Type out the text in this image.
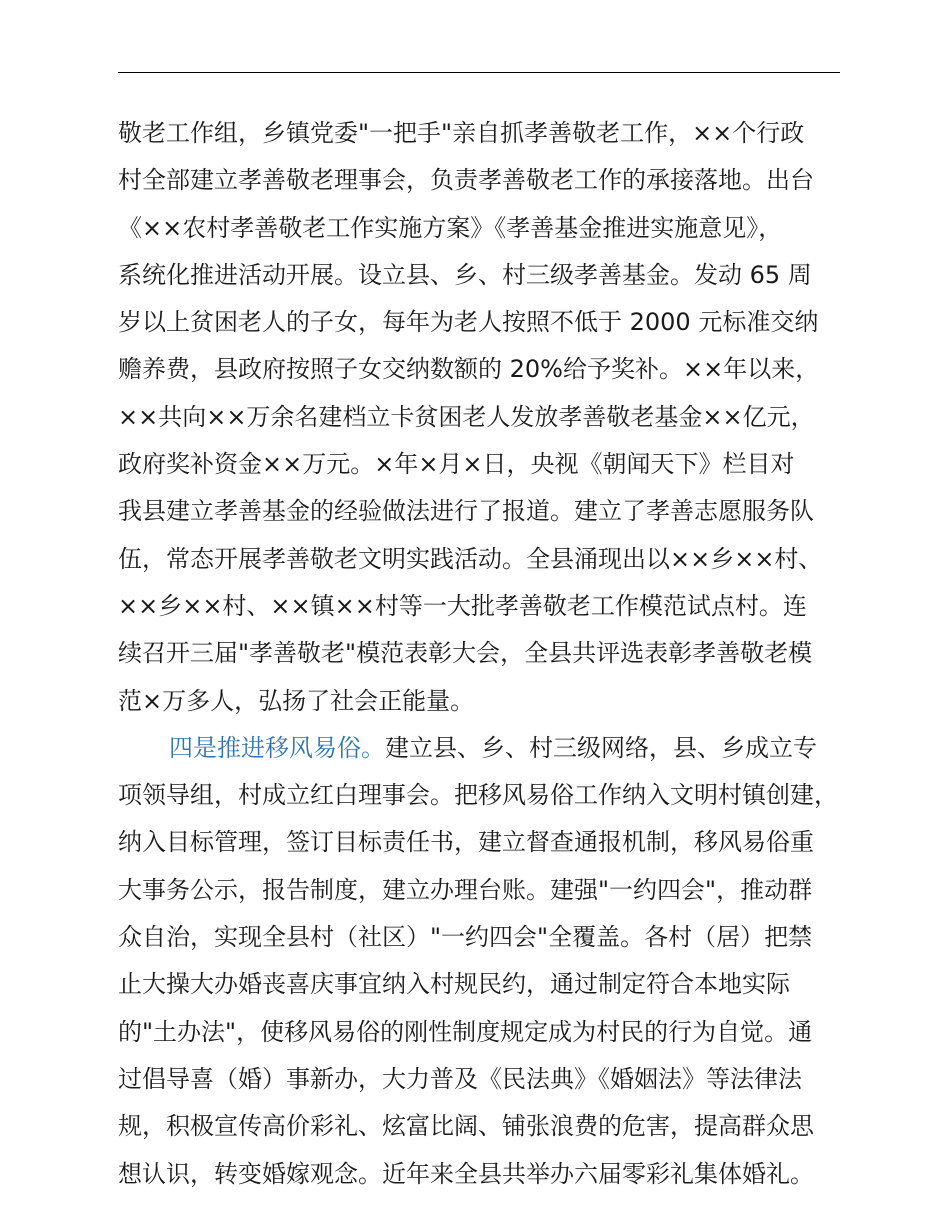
敬老工作组，乡镇党委"一把手"亲自抓孝善敬老工作，××个行政
村全部建立孝善敬老理事会，负责孝善敬老工作的承接落地。出台
《××农村孝善敬老工作实施方案》《孝善基金推进实施意见》，
系统化推进活动开展。设立县、乡、村三级孝善基金。发动 65 周
岁以上贫困老人的子女，每年为老人按照不低于 2000 元标准交纳
赡养费，县政府按照子女交纳数额的 20%给予奖补。××年以来，
××共向××万余名建档立卡贫困老人发放孝善敬老基金××亿元，
政府奖补资金××万元。×年×月×日，央视《朝闻天下》栏目对
我县建立孝善基金的经验做法进行了报道。建立了孝善志愿服务队
伍，常态开展孝善敬老文明实践活动。全县涌现出以××乡××村、
××乡××村、××镇××村等一大批孝善敬老工作模范试点村。连
续召开三届"孝善敬老"模范表彰大会，全县共评选表彰孝善敬老模
范×万多人，弘扬了社会正能量。
四是推进移风易俗。建立县、乡、村三级网络，县、乡成立专
项领导组，村成立红白理事会。把移风易俗工作纳入文明村镇创建，
纳入目标管理，签订目标责任书，建立督查通报机制，移风易俗重
大事务公示，报告制度，建立办理台账。建强"一约四会"，推动群
众自治，实现全县村（社区）"一约四会"全覆盖。各村（居）把禁
止大操大办婚丧喜庆事宜纳入村规民约，通过制定符合本地实际
的"土办法"，使移风易俗的刚性制度规定成为村民的行为自觉。通
过倡导喜（婚）事新办，大力普及《民法典》《婚姻法》等法律法
规，积极宣传高价彩礼、炫富比阔、铺张浪费的危害，提高群众思
想认识，转变婚嫁观念。近年来全县共举办六届零彩礼集体婚礼。
